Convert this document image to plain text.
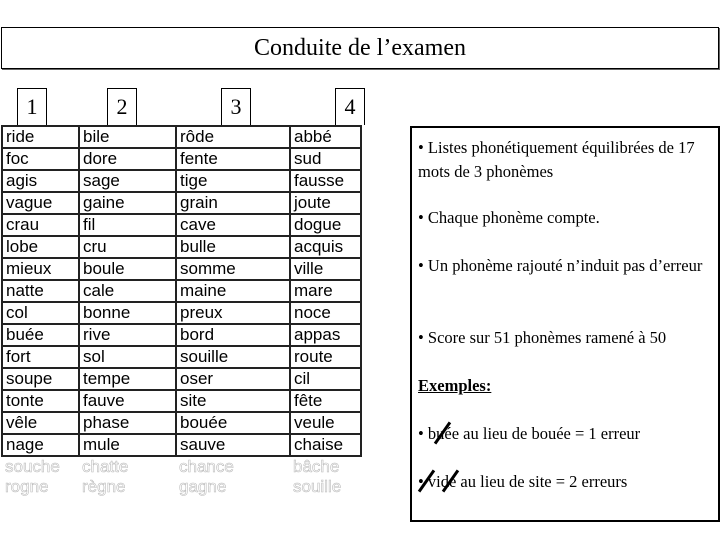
Conduite de l’examen
1	2	3	4
ride	bile	rôde	abbé
foc	dore	fente	sud
agis	sage	tige	fausse
vague	gaine	grain	joute
crau	fil	cave	dogue
lobe	cru	bulle	acquis
mieux	boule	somme	ville
natte	cale	maine	mare
col	bonne	preux	noce
buée	rive	bord	appas
fort	sol	souille	route
soupe	tempe	oser	cil
tonte	fauve	site	fête
vêle	phase	bouée	veule
nage	mule	sauve	chaise
souche	chatte	chance	bâche
rogne	règne	gagne	souille

• Listes phonétiquement équilibrées de 17 mots de 3 phonèmes

• Chaque phonème compte.

• Un phonème rajouté n’induit pas d’erreur

• Score sur 51 phonèmes ramené à 50

Exemples:

• buée au lieu de bouée = 1 erreur

• vide au lieu de site = 2 erreurs
